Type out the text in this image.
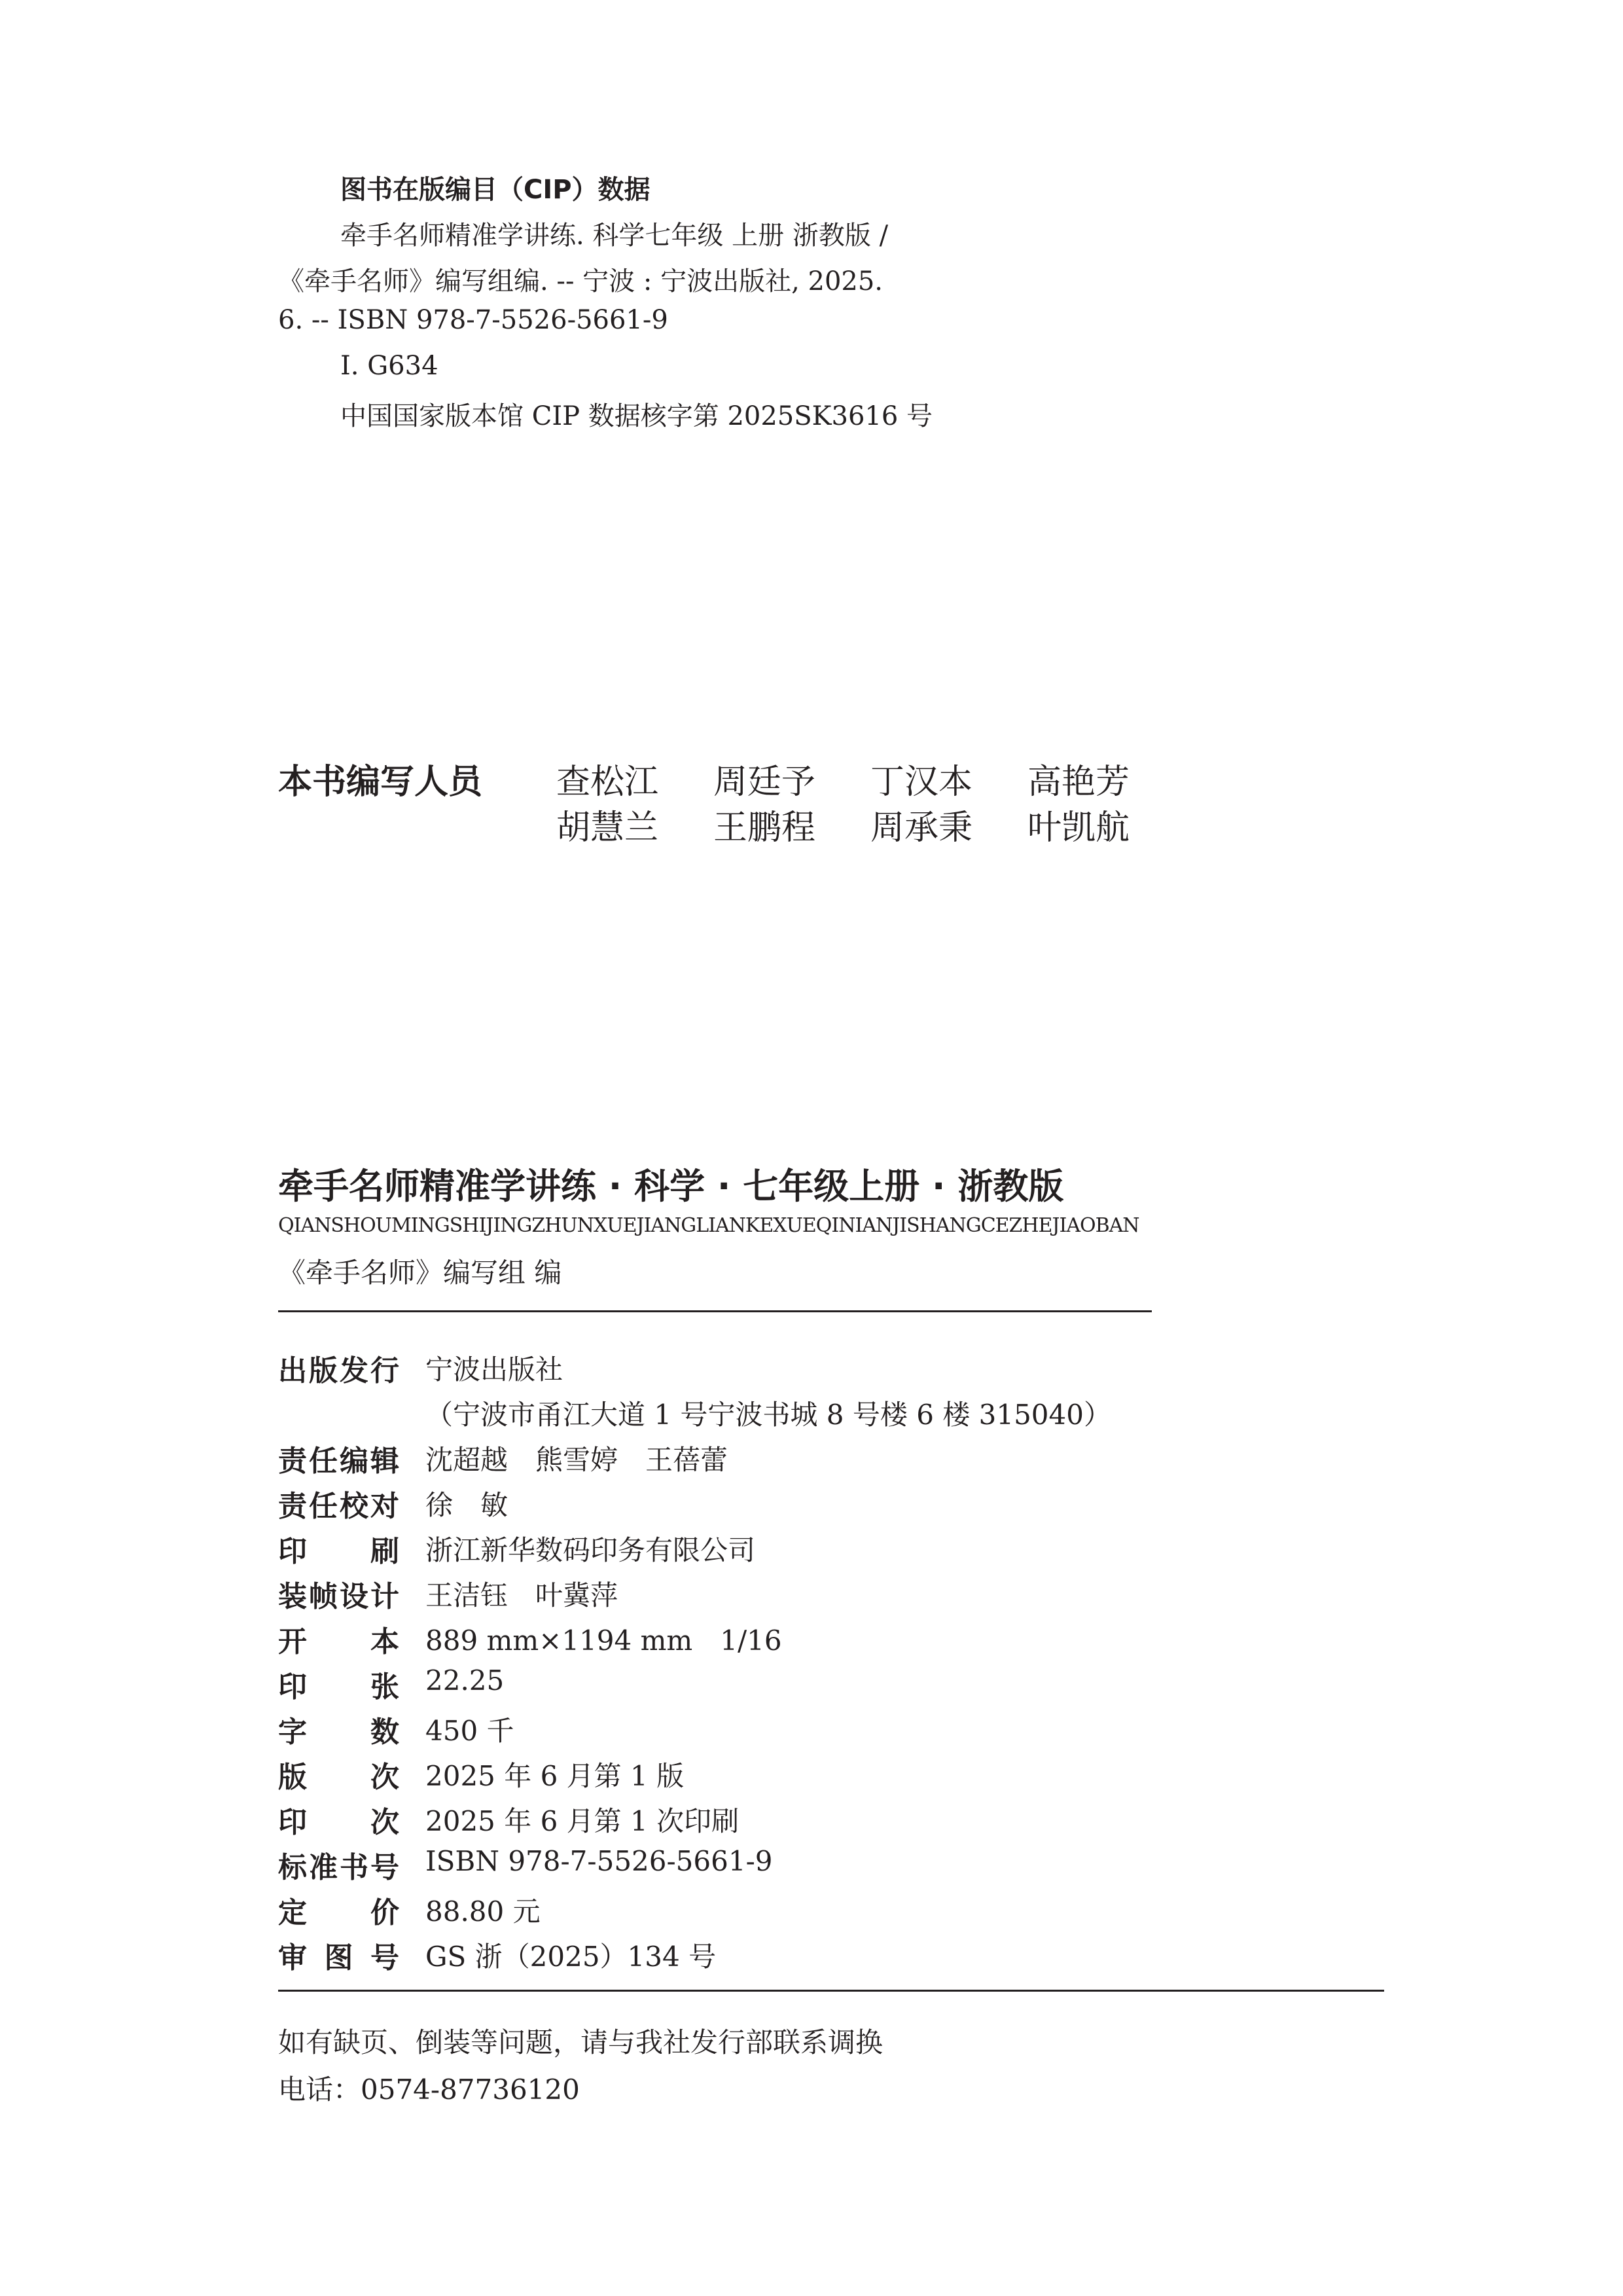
图书在版编目（CIP）数据
牵手名师精准学讲练. 科学七年级 上册 浙教版 /
《牵手名师》编写组编. -- 宁波 : 宁波出版社, 2025.
6. -- ISBN 978-7-5526-5661-9
Ⅰ. G634
中国国家版本馆 CIP 数据核字第 2025SK3616 号
本书编写人员 查松江 周廷予 丁汉本 高艳芳
胡慧兰 王鹏程 周承秉 叶凯航
牵手名师精准学讲练 · 科学 · 七年级上册 · 浙教版
QIANSHOUMINGSHIJINGZHUNXUEJIANGLIANKEXUEQINIANJISHANGCEZHEJIAOBAN
《牵手名师》编写组 编
出 版 发 行 宁波出版社
（宁波市甬江大道 1 号宁波书城 8 号楼 6 楼 315040）
责 任 编 辑 沈超越　熊雪婷　王蓓蕾
责 任 校 对 徐　敏
印 刷 浙江新华数码印务有限公司
装 帧 设 计 王洁钰　叶冀萍
开 本 889 mm×1194 mm　1/16
印 张 22.25
字 数 450 千
版 次 2025 年 6 月第 1 版
印 次 2025 年 6 月第 1 次印刷
标 准 书 号 ISBN 978-7-5526-5661-9
定 价 88.80 元
审 图 号 GS 浙（2025）134 号
如有缺页、倒装等问题，请与我社发行部联系调换
电话：0574-87736120
